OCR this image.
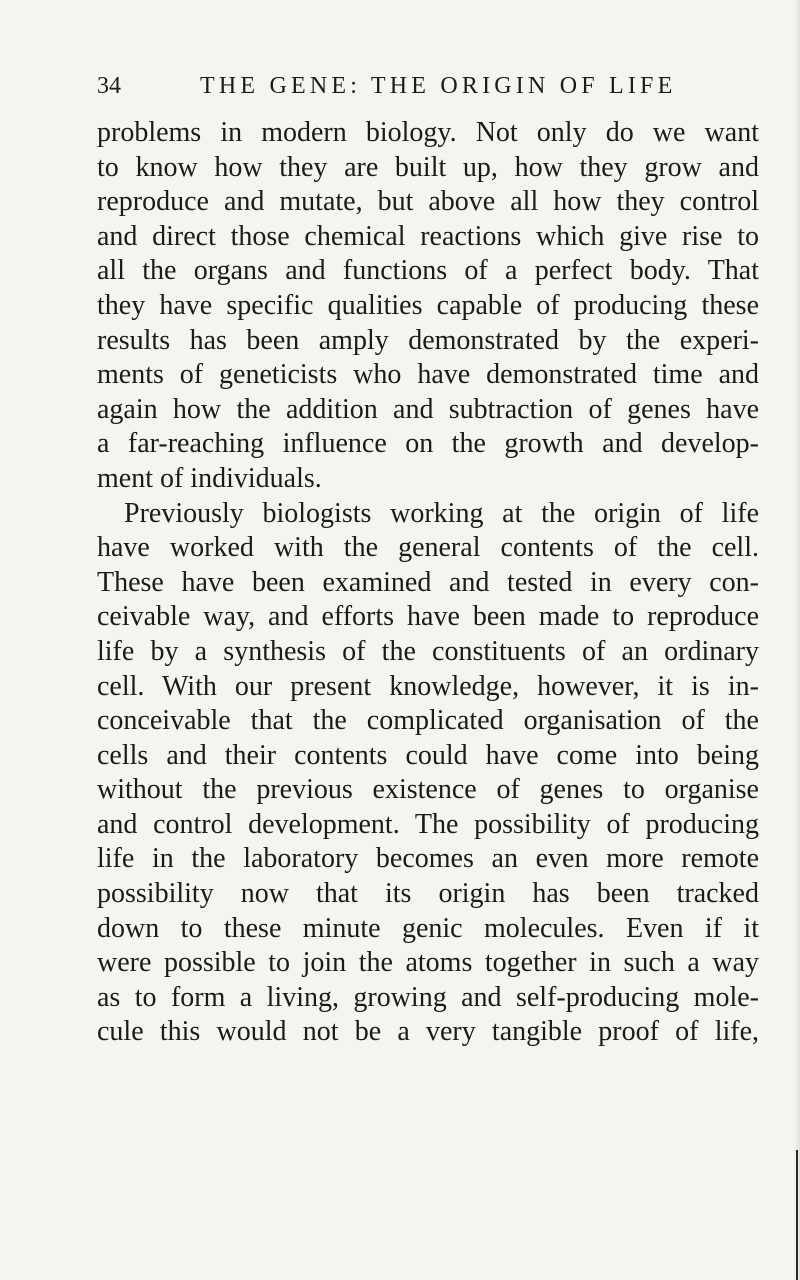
34	THE GENE: THE ORIGIN OF LIFE
problems in modern biology. Not only do we want
to know how they are built up, how they grow and
reproduce and mutate, but above all how they control
and direct those chemical reactions which give rise to
all the organs and functions of a perfect body. That
they have specific qualities capable of producing these
results has been amply demonstrated by the experi-
ments of geneticists who have demonstrated time and
again how the addition and subtraction of genes have
a far-reaching influence on the growth and develop-
ment of individuals.
Previously biologists working at the origin of life
have worked with the general contents of the cell.
These have been examined and tested in every con-
ceivable way, and efforts have been made to reproduce
life by a synthesis of the constituents of an ordinary
cell. With our present knowledge, however, it is in-
conceivable that the complicated organisation of the
cells and their contents could have come into being
without the previous existence of genes to organise
and control development. The possibility of producing
life in the laboratory becomes an even more remote
possibility now that its origin has been tracked
down to these minute genic molecules. Even if it
were possible to join the atoms together in such a way
as to form a living, growing and self-producing mole-
cule this would not be a very tangible proof of life,
